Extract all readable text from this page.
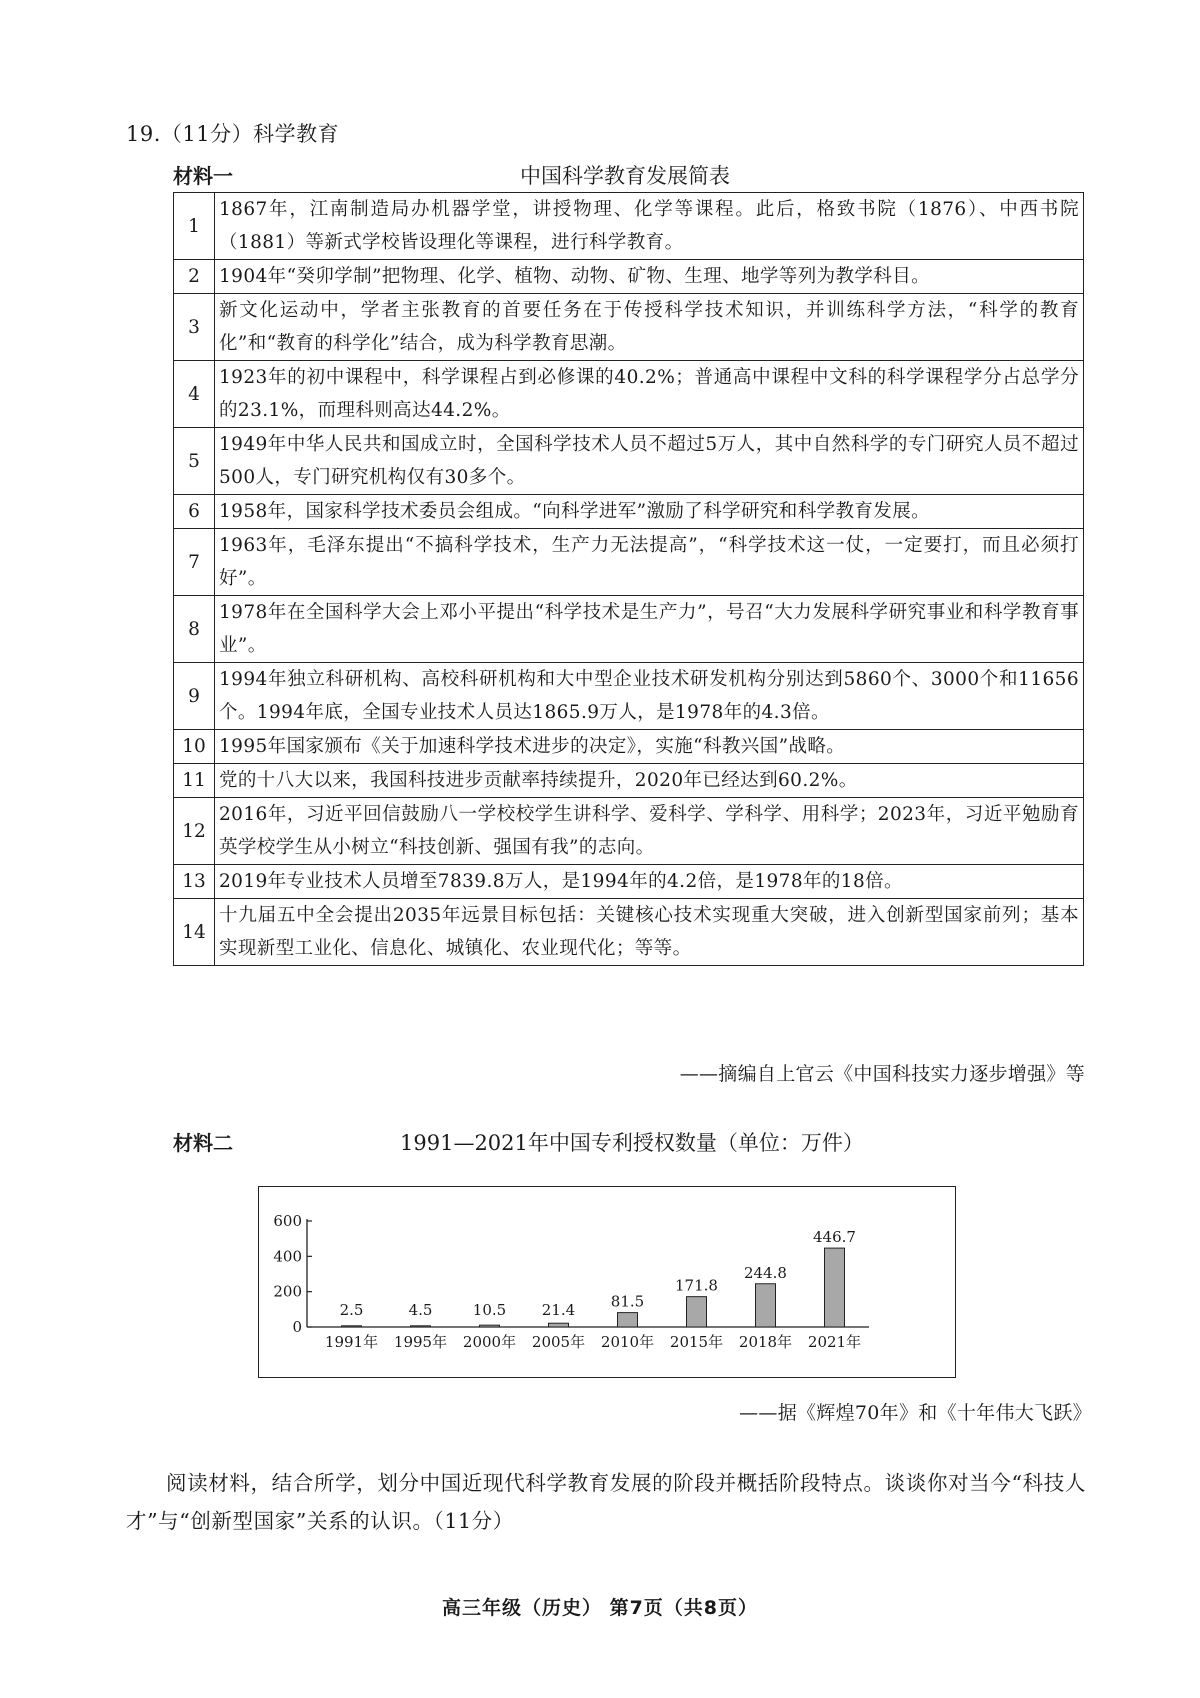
19.（11分）科学教育
材料一	中国科学教育发展简表
1	1867年，江南制造局办机器学堂，讲授物理、化学等课程。此后，格致书院（1876）、中西书院（1881）等新式学校皆设理化等课程，进行科学教育。
2	1904年“癸卯学制”把物理、化学、植物、动物、矿物、生理、地学等列为教学科目。
3	新文化运动中，学者主张教育的首要任务在于传授科学技术知识，并训练科学方法，“科学的教育化”和“教育的科学化”结合，成为科学教育思潮。
4	1923年的初中课程中，科学课程占到必修课的40.2%；普通高中课程中文科的科学课程学分占总学分的23.1%，而理科则高达44.2%。
5	1949年中华人民共和国成立时，全国科学技术人员不超过5万人，其中自然科学的专门研究人员不超过500人，专门研究机构仅有30多个。
6	1958年，国家科学技术委员会组成。“向科学进军”激励了科学研究和科学教育发展。
7	1963年，毛泽东提出“不搞科学技术，生产力无法提高”，“科学技术这一仗，一定要打，而且必须打好”。
8	1978年在全国科学大会上邓小平提出“科学技术是生产力”，号召“大力发展科学研究事业和科学教育事业”。
9	1994年独立科研机构、高校科研机构和大中型企业技术研发机构分别达到5860个、3000个和11656个。1994年底，全国专业技术人员达1865.9万人，是1978年的4.3倍。
10	1995年国家颁布《关于加速科学技术进步的决定》，实施“科教兴国”战略。
11	党的十八大以来，我国科技进步贡献率持续提升，2020年已经达到60.2%。
12	2016年，习近平回信鼓励八一学校校学生讲科学、爱科学、学科学、用科学；2023年，习近平勉励育英学校学生从小树立“科技创新、强国有我”的志向。
13	2019年专业技术人员增至7839.8万人，是1994年的4.2倍，是1978年的18倍。
14	十九届五中全会提出2035年远景目标包括：关键核心技术实现重大突破，进入创新型国家前列；基本实现新型工业化、信息化、城镇化、农业现代化；等等。
——摘编自上官云《中国科技实力逐步增强》等
材料二	1991—2021年中国专利授权数量（单位：万件）
0
200
400
600
2.5
1991年
4.5
1995年
10.5
2000年
21.4
2005年
81.5
2010年
171.8
2015年
244.8
2018年
446.7
2021年
——据《辉煌70年》和《十年伟大飞跃》
阅读材料，结合所学，划分中国近现代科学教育发展的阶段并概括阶段特点。谈谈你对当今“科技人才”与“创新型国家”关系的认识。（11分）
高三年级（历史） 第7页（共8页）
